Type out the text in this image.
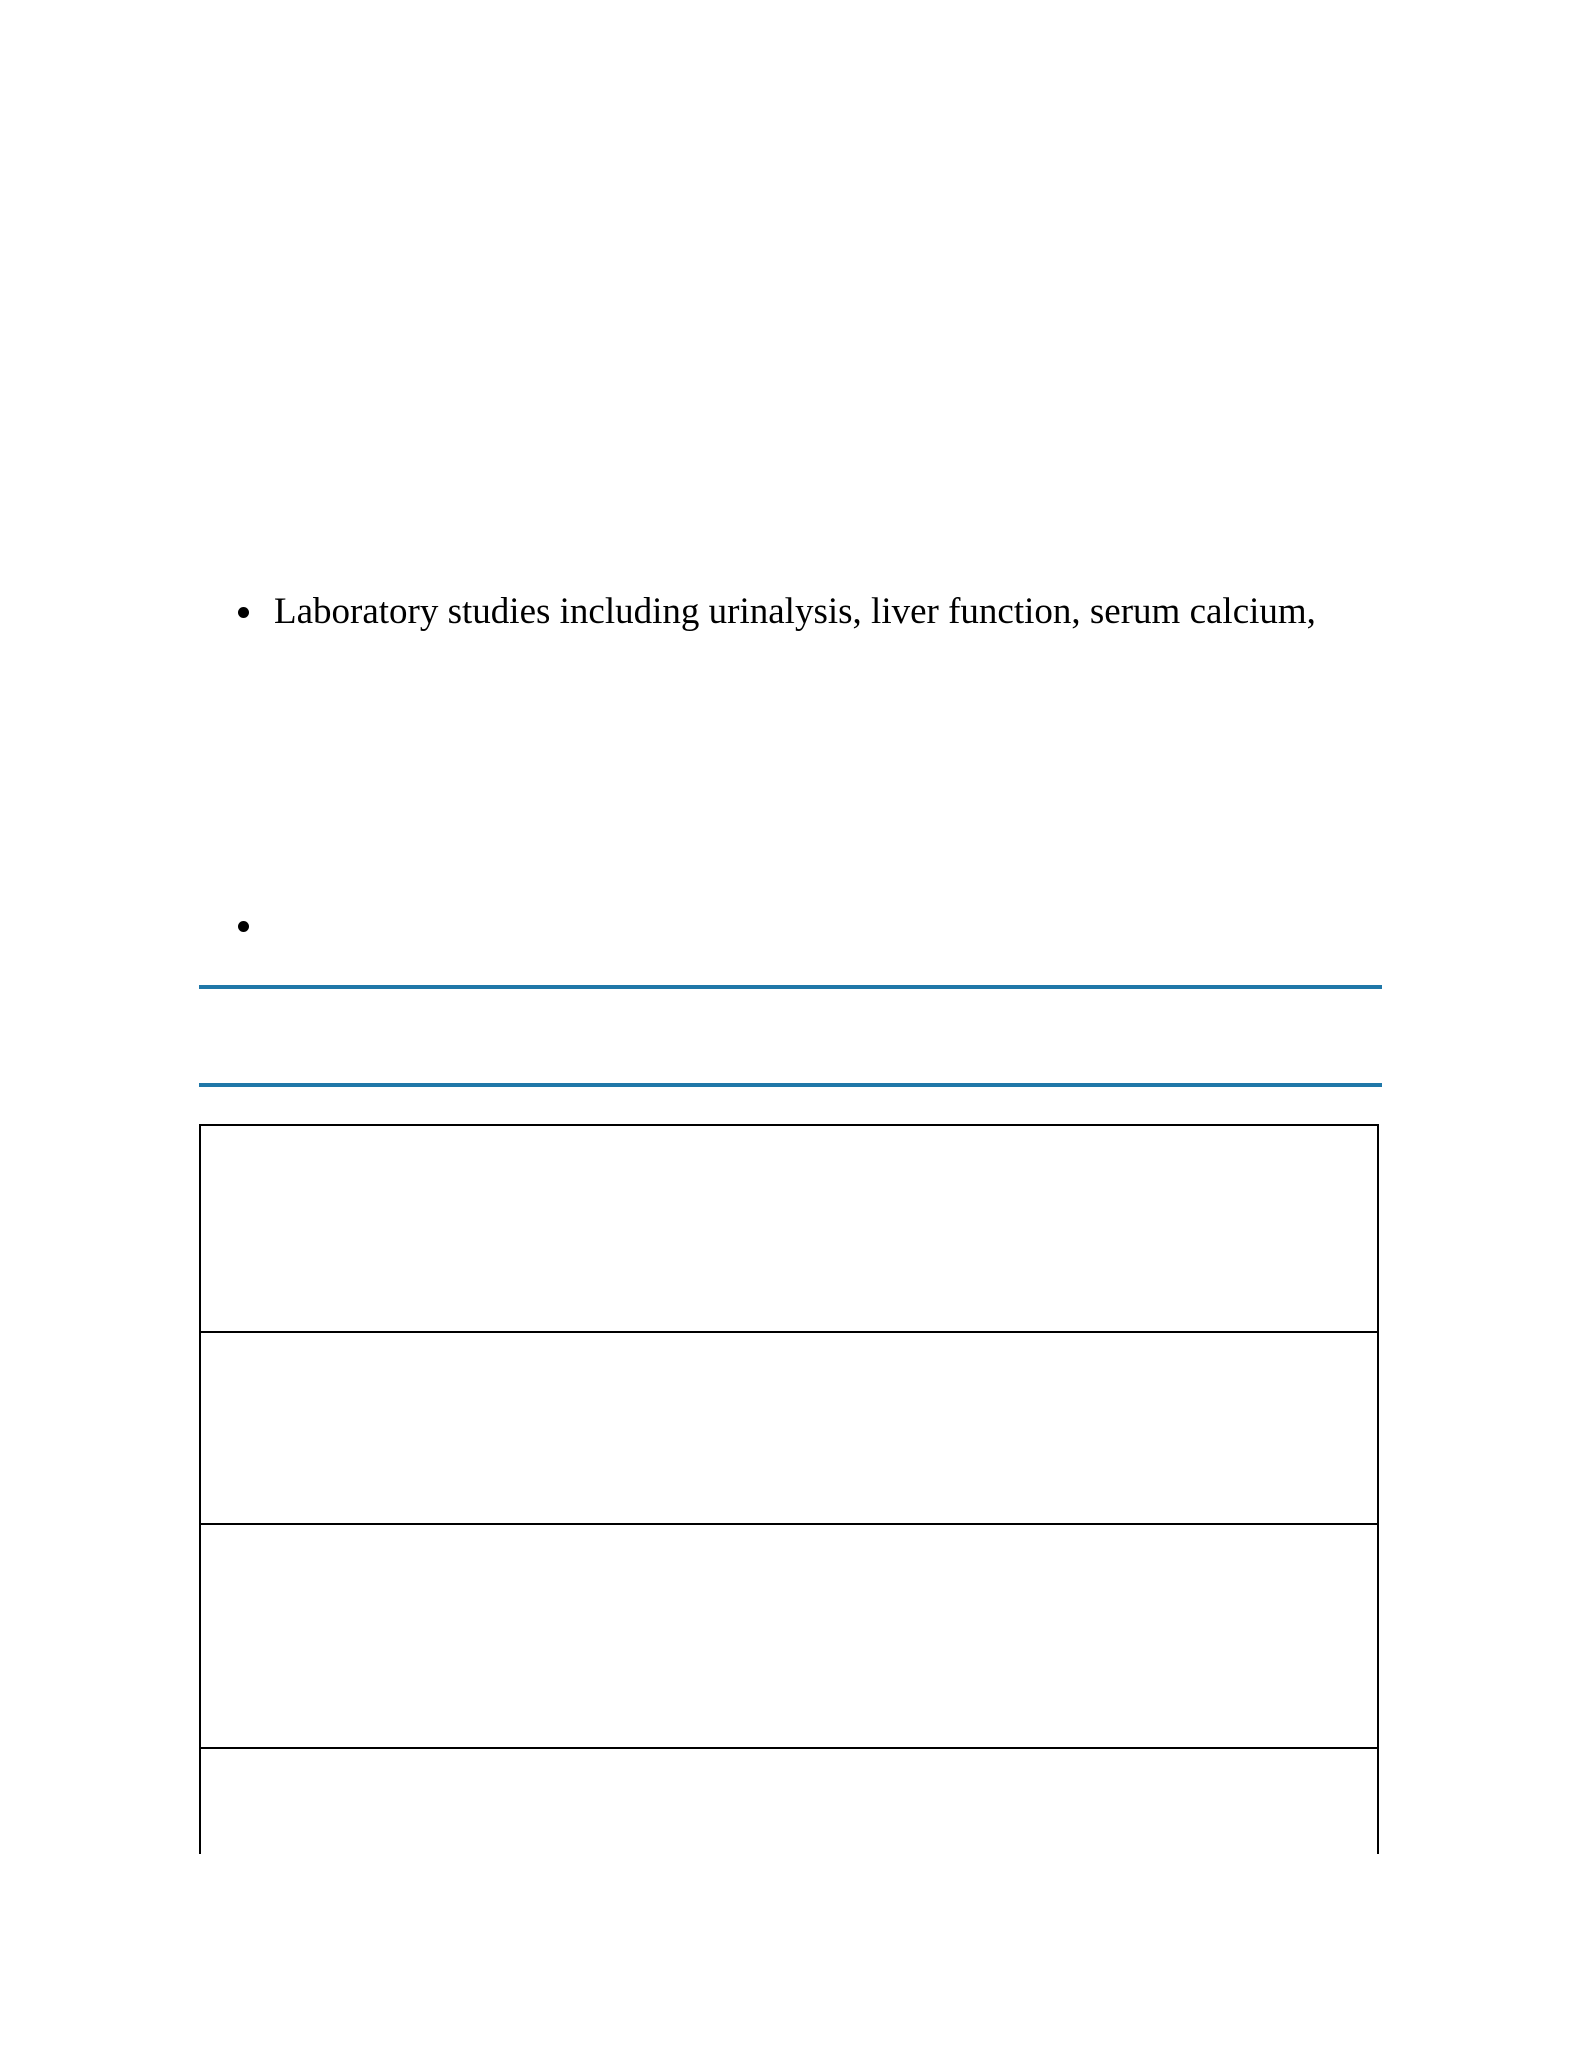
Laboratory studies including urinalysis, liver function, serum calcium,
